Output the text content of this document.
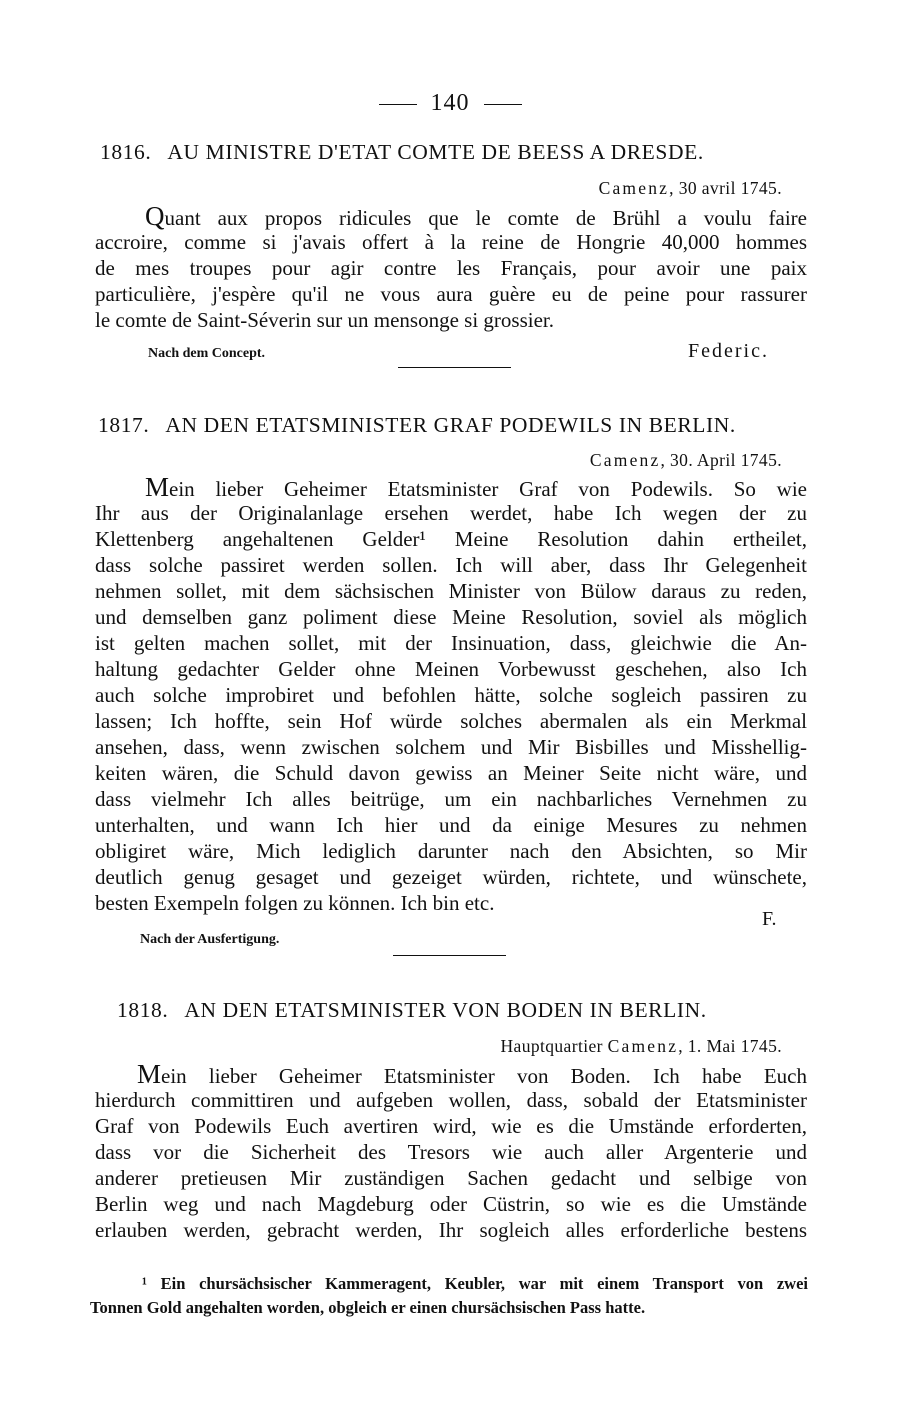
140
1816. AU MINISTRE D'ETAT COMTE DE BEESS A DRESDE.
Camenz, 30 avril 1745.
Quant aux propos ridicules que le comte de Brühl a voulu faire
accroire, comme si j'avais offert à la reine de Hongrie 40,000 hommes
de mes troupes pour agir contre les Français, pour avoir une paix
particulière, j'espère qu'il ne vous aura guère eu de peine pour rassurer
le comte de Saint-Séverin sur un mensonge si grossier.
Nach dem Concept.	Federic.
1817. AN DEN ETATSMINISTER GRAF PODEWILS IN BERLIN.
Camenz, 30. April 1745.
Mein lieber Geheimer Etatsminister Graf von Podewils. So wie
Ihr aus der Originalanlage ersehen werdet, habe Ich wegen der zu
Klettenberg angehaltenen Gelder¹ Meine Resolution dahin ertheilet,
dass solche passiret werden sollen. Ich will aber, dass Ihr Gelegenheit
nehmen sollet, mit dem sächsischen Minister von Bülow daraus zu reden,
und demselben ganz poliment diese Meine Resolution, soviel als möglich
ist gelten machen sollet, mit der Insinuation, dass, gleichwie die An-
haltung gedachter Gelder ohne Meinen Vorbewusst geschehen, also Ich
auch solche improbiret und befohlen hätte, solche sogleich passiren zu
lassen; Ich hoffte, sein Hof würde solches abermalen als ein Merkmal
ansehen, dass, wenn zwischen solchem und Mir Bisbilles und Misshellig-
keiten wären, die Schuld davon gewiss an Meiner Seite nicht wäre, und
dass vielmehr Ich alles beitrüge, um ein nachbarliches Vernehmen zu
unterhalten, und wann Ich hier und da einige Mesures zu nehmen
obligiret wäre, Mich lediglich darunter nach den Absichten, so Mir
deutlich genug gesaget und gezeiget würden, richtete, und wünschete,
besten Exempeln folgen zu können. Ich bin etc.
F.
Nach der Ausfertigung.
1818. AN DEN ETATSMINISTER VON BODEN IN BERLIN.
Hauptquartier Camenz, 1. Mai 1745.
Mein lieber Geheimer Etatsminister von Boden. Ich habe Euch
hierdurch committiren und aufgeben wollen, dass, sobald der Etatsminister
Graf von Podewils Euch avertiren wird, wie es die Umstände erforderten,
dass vor die Sicherheit des Tresors wie auch aller Argenterie und
anderer pretieusen Mir zuständigen Sachen gedacht und selbige von
Berlin weg und nach Magdeburg oder Cüstrin, so wie es die Umstände
erlauben werden, gebracht werden, Ihr sogleich alles erforderliche bestens
¹ Ein chursächsischer Kammeragent, Keubler, war mit einem Transport von zwei
Tonnen Gold angehalten worden, obgleich er einen chursächsischen Pass hatte.
